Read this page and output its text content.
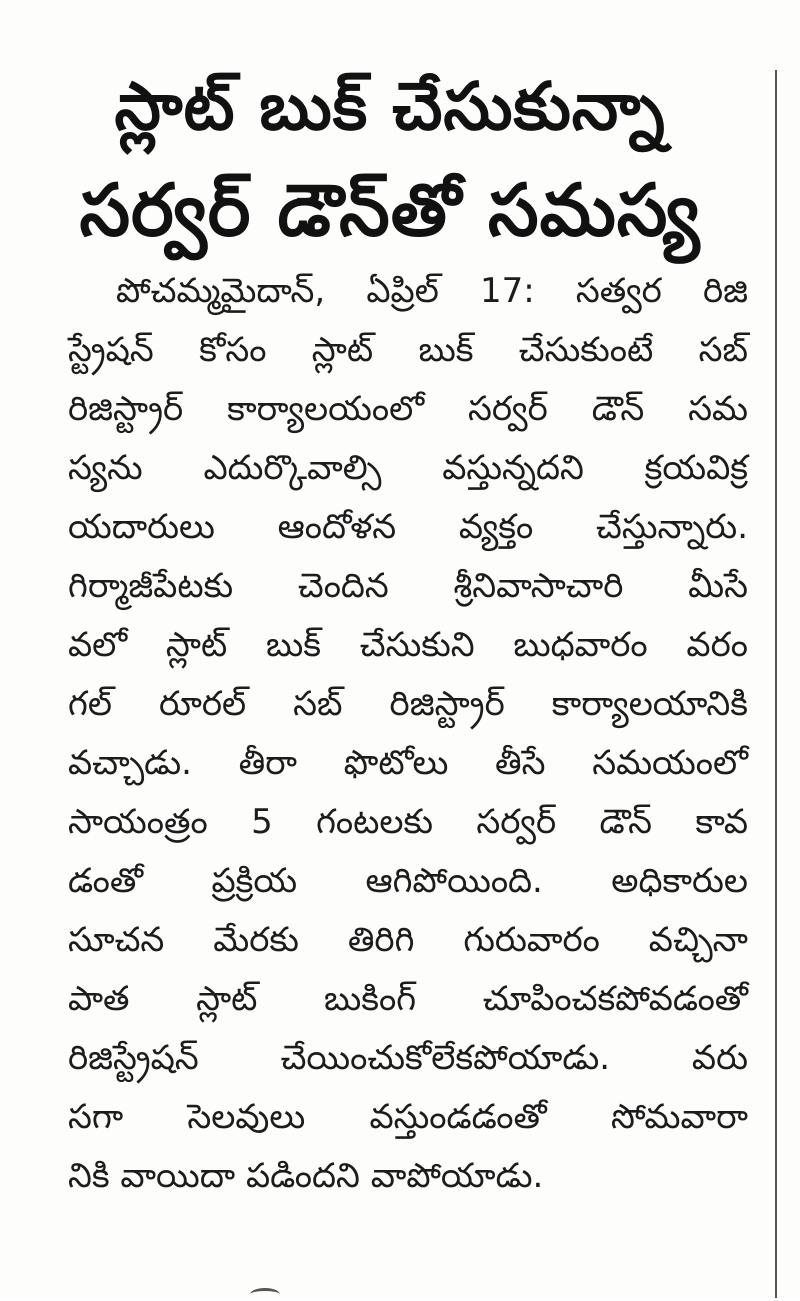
స్లాట్ బుక్ చేసుకున్నా
సర్వర్ డౌన్‌తో సమస్య
పోచమ్మమైదాన్, ఏప్రిల్ 17: సత్వర రిజి
స్ట్రేషన్ కోసం స్లాట్ బుక్ చేసుకుంటే సబ్
రిజిస్ట్రార్ కార్యాలయంలో సర్వర్ డౌన్ సమ
స్యను ఎదుర్కొవాల్సి వస్తున్నదని క్రయవిక్ర
యదారులు ఆందోళన వ్యక్తం చేస్తున్నారు.
గిర్మాజీపేటకు చెందిన శ్రీనివాసాచారి మీసే
వలో స్లాట్ బుక్ చేసుకుని బుధవారం వరం
గల్ రూరల్ సబ్ రిజిస్ట్రార్ కార్యాలయానికి
వచ్చాడు. తీరా ఫొటోలు తీసే సమయంలో
సాయంత్రం 5 గంటలకు సర్వర్ డౌన్ కావ
డంతో ప్రక్రియ ఆగిపోయింది. అధికారుల
సూచన మేరకు తిరిగి గురువారం వచ్చినా
పాత స్లాట్ బుకింగ్ చూపించకపోవడంతో
రిజిస్ట్రేషన్ చేయించుకోలేకపోయాడు. వరు
సగా సెలవులు వస్తుండడంతో సోమవారా
నికి వాయిదా పడిందని వాపోయాడు.
